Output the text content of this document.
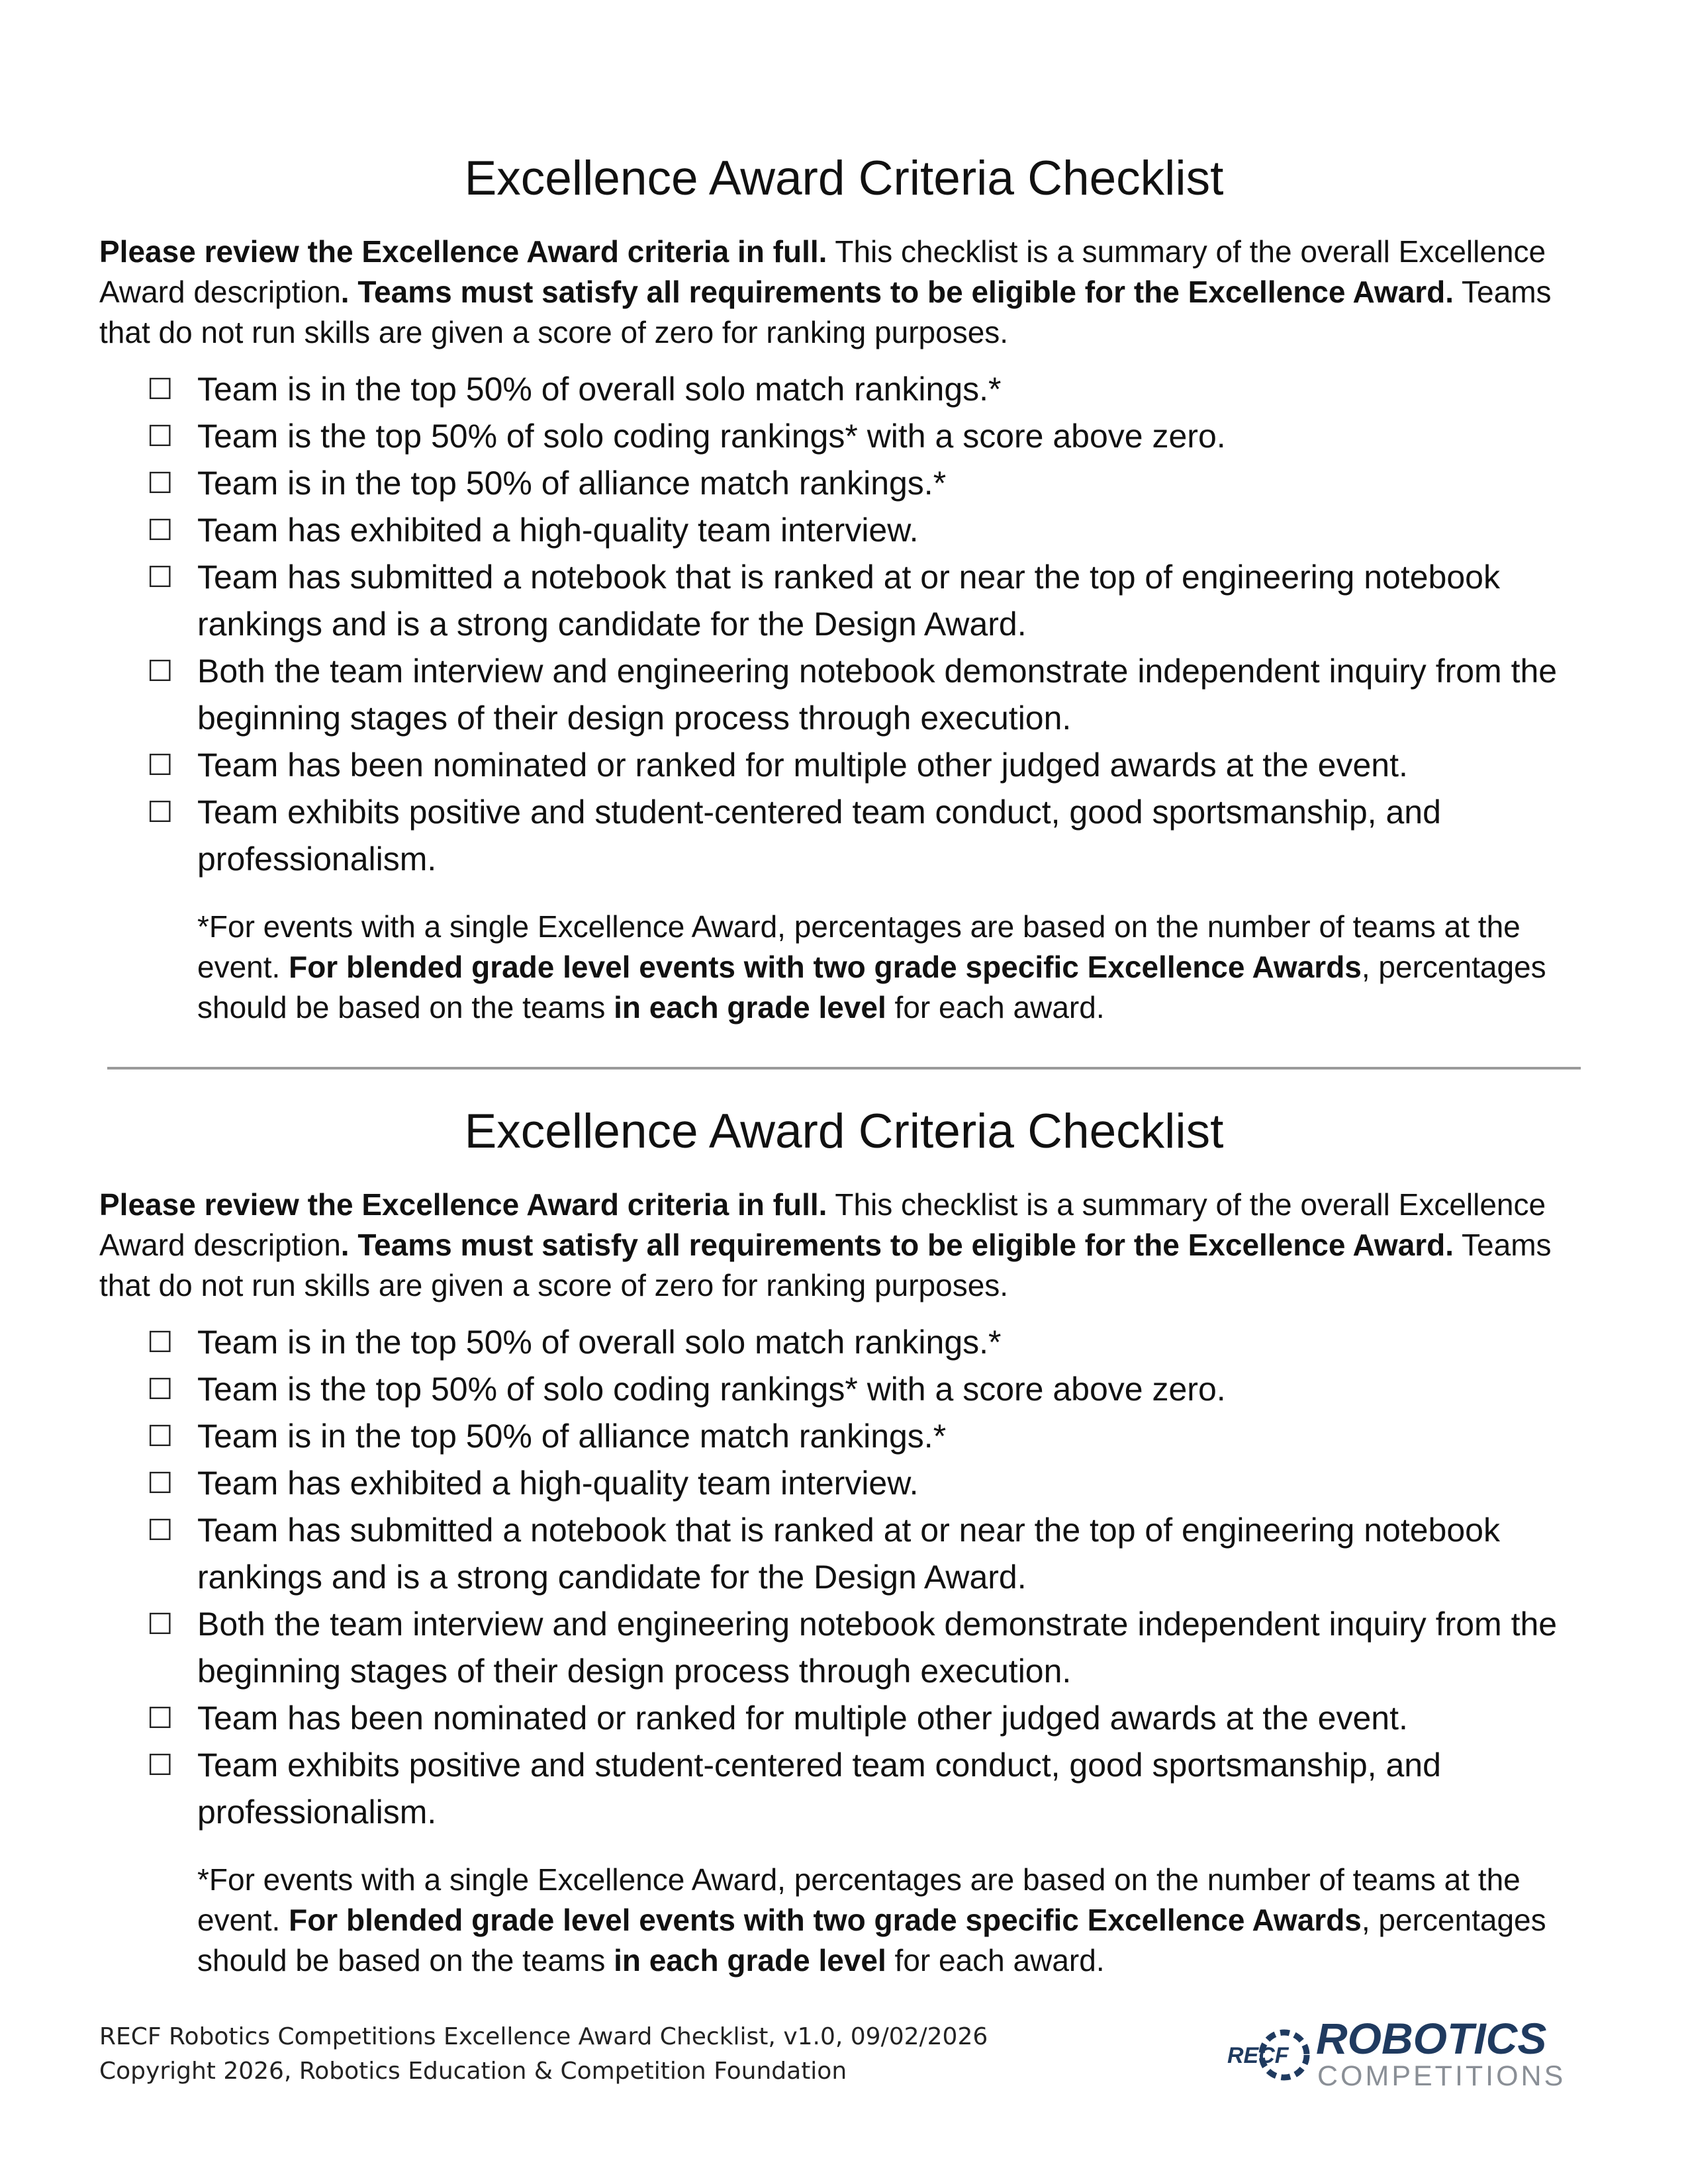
Excellence Award Criteria Checklist

Please review the Excellence Award criteria in full. This checklist is a summary of the overall Excellence Award description. Teams must satisfy all requirements to be eligible for the Excellence Award. Teams that do not run skills are given a score of zero for ranking purposes.

☐ Team is in the top 50% of overall solo match rankings.*
☐ Team is the top 50% of solo coding rankings* with a score above zero.
☐ Team is in the top 50% of alliance match rankings.*
☐ Team has exhibited a high-quality team interview.
☐ Team has submitted a notebook that is ranked at or near the top of engineering notebook rankings and is a strong candidate for the Design Award.
☐ Both the team interview and engineering notebook demonstrate independent inquiry from the beginning stages of their design process through execution.
☐ Team has been nominated or ranked for multiple other judged awards at the event.
☐ Team exhibits positive and student-centered team conduct, good sportsmanship, and professionalism.

*For events with a single Excellence Award, percentages are based on the number of teams at the event. For blended grade level events with two grade specific Excellence Awards, percentages should be based on the teams in each grade level for each award.

Excellence Award Criteria Checklist

Please review the Excellence Award criteria in full. This checklist is a summary of the overall Excellence Award description. Teams must satisfy all requirements to be eligible for the Excellence Award. Teams that do not run skills are given a score of zero for ranking purposes.

☐ Team is in the top 50% of overall solo match rankings.*
☐ Team is the top 50% of solo coding rankings* with a score above zero.
☐ Team is in the top 50% of alliance match rankings.*
☐ Team has exhibited a high-quality team interview.
☐ Team has submitted a notebook that is ranked at or near the top of engineering notebook rankings and is a strong candidate for the Design Award.
☐ Both the team interview and engineering notebook demonstrate independent inquiry from the beginning stages of their design process through execution.
☐ Team has been nominated or ranked for multiple other judged awards at the event.
☐ Team exhibits positive and student-centered team conduct, good sportsmanship, and professionalism.

*For events with a single Excellence Award, percentages are based on the number of teams at the event. For blended grade level events with two grade specific Excellence Awards, percentages should be based on the teams in each grade level for each award.

RECF Robotics Competitions Excellence Award Checklist, v1.0, 09/02/2026
Copyright 2026, Robotics Education & Competition Foundation
RECF ROBOTICS
COMPETITIONS
